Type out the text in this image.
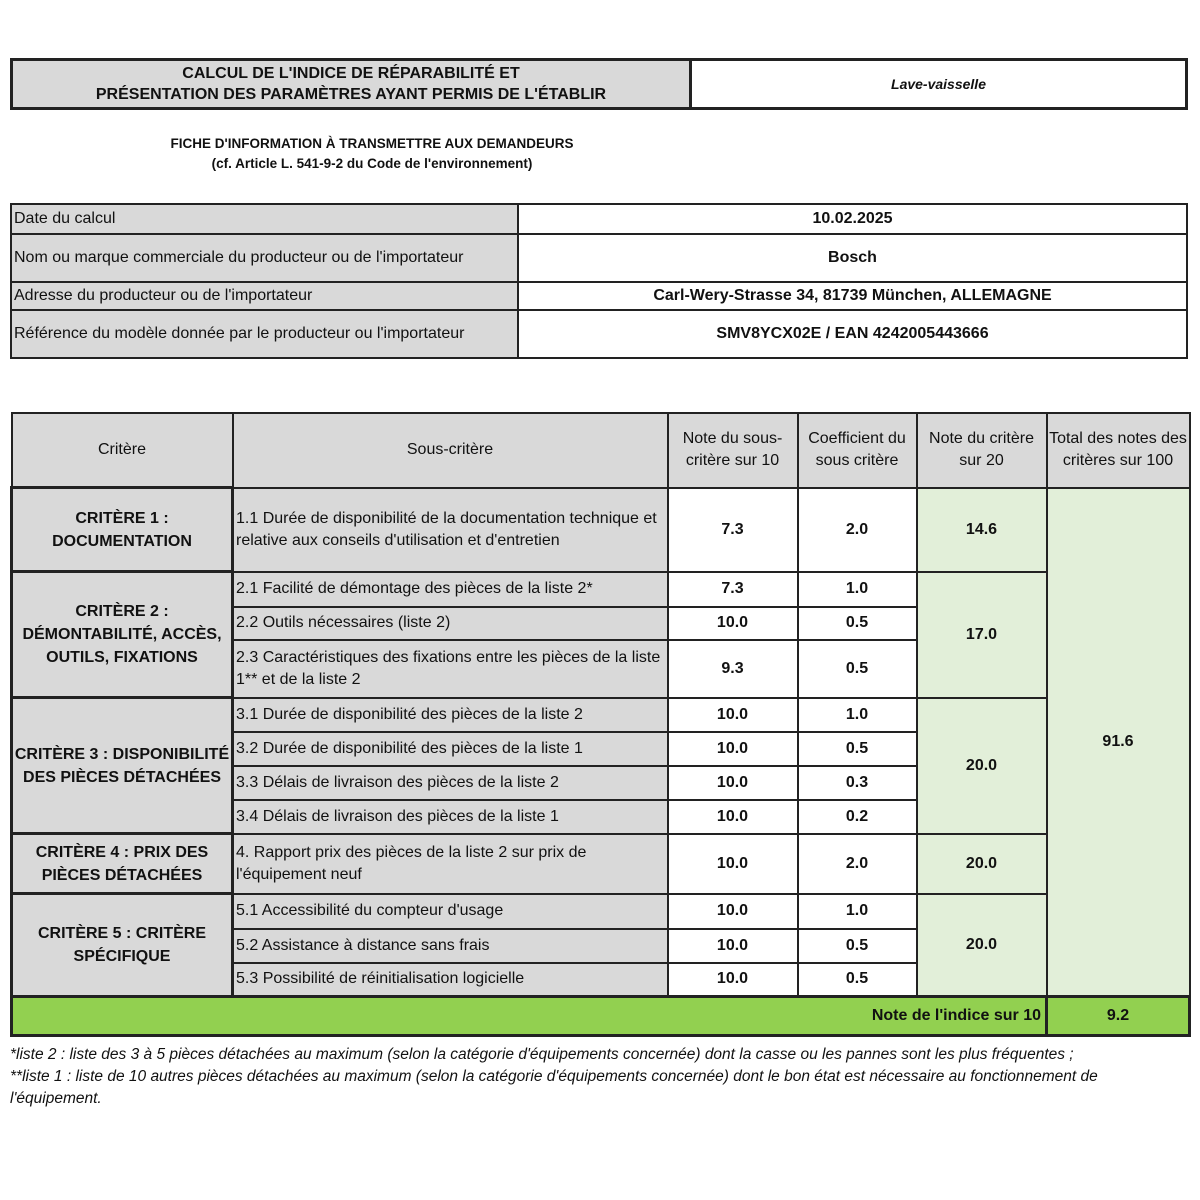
CALCUL DE L'INDICE DE RÉPARABILITÉ ET
PRÉSENTATION DES PARAMÈTRES AYANT PERMIS DE L'ÉTABLIR
Lave-vaisselle
FICHE D'INFORMATION À TRANSMETTRE AUX DEMANDEURS
(cf. Article L. 541-9-2 du Code de l'environnement)
Date du calcul	10.02.2025
Nom ou marque commerciale du producteur ou de l'importateur	Bosch
Adresse du producteur ou de l'importateur	Carl-Wery-Strasse 34, 81739 München, ALLEMAGNE
Référence du modèle donnée par le producteur ou l'importateur	SMV8YCX02E / EAN 4242005443666
Critère	Sous-critère	Note du sous-critère sur 10	Coefficient du sous critère	Note du critère sur 20	Total des notes des critères sur 100
CRITÈRE 1 : DOCUMENTATION	1.1 Durée de disponibilité de la documentation technique et relative aux conseils d'utilisation et d'entretien	7.3	2.0	14.6	91.6
CRITÈRE 2 : DÉMONTABILITÉ, ACCÈS, OUTILS, FIXATIONS	2.1 Facilité de démontage des pièces de la liste 2*	7.3	1.0	17.0	
	2.2 Outils nécessaires (liste 2)	10.0	0.5		
	2.3 Caractéristiques des fixations entre les pièces de la liste 1** et de la liste 2	9.3	0.5		
CRITÈRE 3 : DISPONIBILITÉ DES PIÈCES DÉTACHÉES	3.1 Durée de disponibilité des pièces de la liste 2	10.0	1.0	20.0	
	3.2 Durée de disponibilité des pièces de la liste 1	10.0	0.5		
	3.3 Délais de livraison des pièces de la liste 2	10.0	0.3		
	3.4 Délais de livraison des pièces de la liste 1	10.0	0.2		
CRITÈRE 4 : PRIX DES PIÈCES DÉTACHÉES	4. Rapport prix des pièces de la liste 2 sur prix de l'équipement neuf	10.0	2.0	20.0	
CRITÈRE 5 : CRITÈRE SPÉCIFIQUE	5.1 Accessibilité du compteur d'usage	10.0	1.0	20.0	
	5.2 Assistance à distance sans frais	10.0	0.5		
	5.3 Possibilité de réinitialisation logicielle	10.0	0.5		
Note de l'indice sur 10					9.2
*liste 2 : liste des 3 à 5 pièces détachées au maximum (selon la catégorie d'équipements concernée) dont la casse ou les pannes sont les plus fréquentes ;
**liste 1 : liste de 10 autres pièces détachées au maximum (selon la catégorie d'équipements concernée) dont le bon état est nécessaire au fonctionnement de l'équipement.
